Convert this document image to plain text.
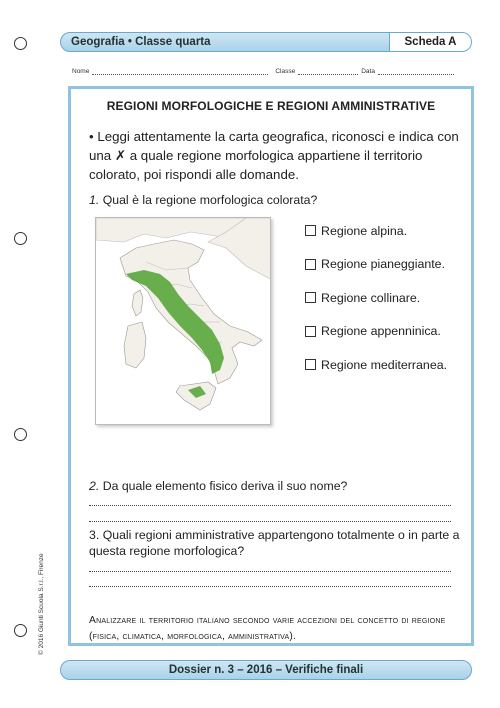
Geografia • Classe quarta	Scheda A
Nome	Classe	Data
REGIONI MORFOLOGICHE E REGIONI AMMINISTRATIVE
• Leggi attentamente la carta geografica, riconosci e indica con una ✗ a quale regione morfologica appartiene il territorio colorato, poi rispondi alle domande.
1. Qual è la regione morfologica colorata?
Regione alpina.
Regione pianeggiante.
Regione collinare.
Regione appenninica.
Regione mediterranea.
2. Da quale elemento fisico deriva il suo nome?
3. Quali regioni amministrative appartengono totalmente o in parte a questa regione morfologica?
Analizzare il territorio italiano secondo varie accezioni del concetto di regione (fisica, climatica, morfologica, amministrativa).
© 2016 Giunti Scuola S.r.l., Firenze
Dossier n. 3 – 2016 – Verifiche finali
